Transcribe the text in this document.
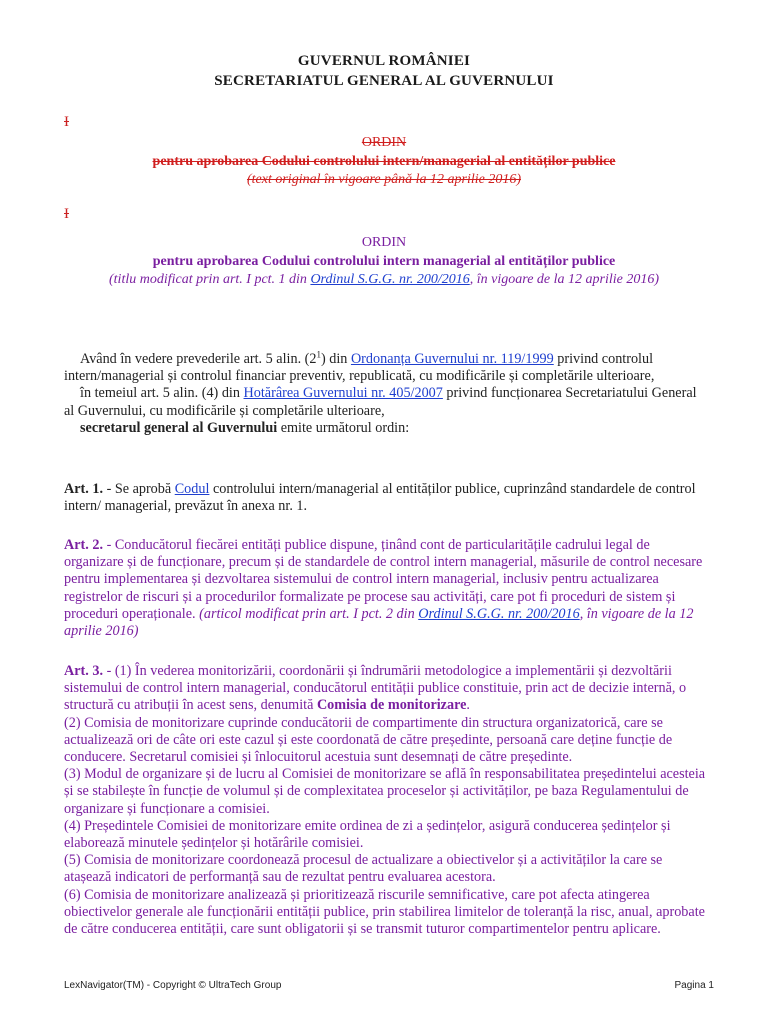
GUVERNUL ROMÂNIEI
SECRETARIATUL GENERAL AL GUVERNULUI
I
ORDIN
pentru aprobarea Codului controlului intern/managerial al entităților publice
(text original în vigoare până la 12 aprilie 2016)
I
ORDIN
pentru aprobarea Codului controlului intern managerial al entităților publice
(titlu modificat prin art. I pct. 1 din Ordinul S.G.G. nr. 200/2016, în vigoare de la 12 aprilie 2016)

Având în vedere prevederile art. 5 alin. $(2^1)$ din Ordonanța Guvernului nr. 119/1999 privind controlul intern/managerial și controlul financiar preventiv, republicată, cu modificările și completările ulterioare,

în temeiul art. 5 alin. (4) din Hotărârea Guvernului nr. 405/2007 privind funcționarea Secretariatului General al Guvernului, cu modificările și completările ulterioare,

secretarul general al Guvernului emite următorul ordin:

Art. 1. - Se aprobă Codul controlului intern/managerial al entităților publice, cuprinzând standardele de control intern/ managerial, prevăzut în anexa nr. 1.

Art. 2. - Conducătorul fiecărei entități publice dispune, ținând cont de particularitățile cadrului legal de organizare și de funcționare, precum și de standardele de control intern managerial, măsurile de control necesare pentru implementarea și dezvoltarea sistemului de control intern managerial, inclusiv pentru actualizarea registrelor de riscuri și a procedurilor formalizate pe procese sau activități, care pot fi proceduri de sistem și proceduri operaționale. (articol modificat prin art. I pct. 2 din Ordinul S.G.G. nr. 200/2016, în vigoare de la 12 aprilie 2016)

Art. 3. - (1) În vederea monitorizării, coordonării și îndrumării metodologice a implementării și dezvoltării sistemului de control intern managerial, conducătorul entității publice constituie, prin act de decizie internă, o structură cu atribuții în acest sens, denumită Comisia de monitorizare.

(2) Comisia de monitorizare cuprinde conducătorii de compartimente din structura organizatorică, care se actualizează ori de câte ori este cazul și este coordonată de către președinte, persoană care deține funcție de conducere. Secretarul comisiei și înlocuitorul acestuia sunt desemnați de către președinte.

(3) Modul de organizare și de lucru al Comisiei de monitorizare se află în responsabilitatea președintelui acesteia și se stabilește în funcție de volumul și de complexitatea proceselor și activităților, pe baza Regulamentului de organizare și funcționare a comisiei.

(4) Președintele Comisiei de monitorizare emite ordinea de zi a ședințelor, asigură conducerea ședințelor și elaborează minutele ședințelor și hotărârile comisiei.

(5) Comisia de monitorizare coordonează procesul de actualizare a obiectivelor și a activităților la care se atașează indicatori de performanță sau de rezultat pentru evaluarea acestora.

(6) Comisia de monitorizare analizează și prioritizează riscurile semnificative, care pot afecta atingerea obiectivelor generale ale funcționării entității publice, prin stabilirea limitelor de toleranță la risc, anual, aprobate de către conducerea entității, care sunt obligatorii și se transmit tuturor compartimentelor pentru aplicare.

LexNavigator(TM) - Copyright © UltraTech Group	Pagina 1
